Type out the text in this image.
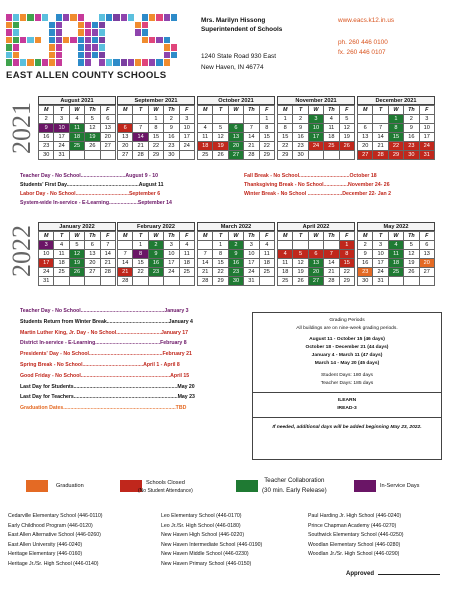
EAST ALLEN COUNTY SCHOOLS
Mrs. Marilyn Hissong
Superintendent of Schools
1240 State Road 930 East
New Haven, IN 46774
www.eacs.k12.in.us
ph. 260 446 0100
fx. 260 446 0107
2021
2022
August 2021
M	T	W	Th	F
2	3	4	5	6
9	10	11	12	13
16	17	18	19	20
23	24	25	26	27
30	31			
September 2021
M	T	W	Th	F
		1	2	3
6	7	8	9	10
13	14	15	16	17
20	21	22	23	24
27	28	29	30	
October 2021
M	T	W	Th	F
				1
4	5	6	7	8
11	12	13	14	15
18	19	20	21	22
25	26	27	28	29
November 2021
M	T	W	Th	F
1	2	3	4	5
8	9	10	11	12
15	16	17	18	19
22	23	24	25	26
29	30			
December 2021
M	T	W	Th	F
		1	2	3
6	7	8	9	10
13	14	15	16	17
20	21	22	23	24
27	28	29	30	31
January 2022
M	T	W	Th	F
3	4	5	6	7
10	11	12	13	14
17	18	19	20	21
24	25	26	27	28
31				
February 2022
M	T	W	Th	F
	1	2	3	4
7	8	9	10	11
14	15	16	17	18
21	22	23	24	25
28				
March 2022
M	T	W	Th	F
	1	2	3	4
7	8	9	10	11
14	15	16	17	18
21	22	23	24	25
28	29	30	31	
April 2022
M	T	W	Th	F
				1
4	5	6	7	8
11	12	13	14	15
18	19	20	21	22
25	26	27	28	29
May 2022
M	T	W	Th	F
2	3	4	5	6
9	10	11	12	13
16	17	18	19	20
23	24	25	26	27
30	31			
Teacher Day - No School...............................August 9 - 10
Students' First Day..................................................August 11
Labor Day - No School.....................................September 6
System-wide In-service - E-Learning....................September 14
Fall Break - No School...................................October 18
Thanksgiving Break - No School.................November 24- 26
Winter Break - No School ........................December 22- Jan 2
Teacher Day - No School..........................................................January 3
Students Return from Winter Break...........................................January 4
Martin Luther King, Jr. Day - No School...............................January 17
District In-service - E-Learning.............................................February 8
Presidents' Day - No School...................................................February 21
Spring Break - No School..........................................April 1 - April 8
Good Friday - No School..............................................................April 15
Last Day for Students........................................................................May 20
Last Day for Teachers........................................................................May 23
Graduation Dates..............................................................................TBD
Grading Periods
All buildings are on nine-week grading periods.
August 11 - October 15 (46 days)
October 18 - December 21 (44 days)
January 4 - March 11 (47 days)
March 14 - May 20 (45 days)
Student Days: 180 days
Teacher Days: 185 days
ILEARN
IREAD-3
If needed, additional days will be added beginning May 23, 2022.
Graduation	Schools Closed
(No Student Attendance)
Teacher Collaboration
(30 min. Early Release)
In-Service Days
Cedarville Elementary School (446-0110)
Early Childhood Program (446-0120)
East Allen Alternative School (446-0260)
East Allen University (446-0240)
Heritage Elementary (446-0160)
Heritage Jr./Sr. High School (446-0140)
Leo Elementary School (446-0170)
Leo Jr./Sr. High School (446-0180)
New Haven High School (446-0220)
New Haven Intermediate School (446-0190)
New Haven Middle School (446-0230)
New Haven Primary School (446-0150)
Paul Harding Jr. High School (446-0240)
Prince Chapman Academy (446-0270)
Southwick Elementary School (446-0250)
Woodlan Elementary School (446-0280)
Woodlan Jr./Sr. High School (446-0290)
Approved
